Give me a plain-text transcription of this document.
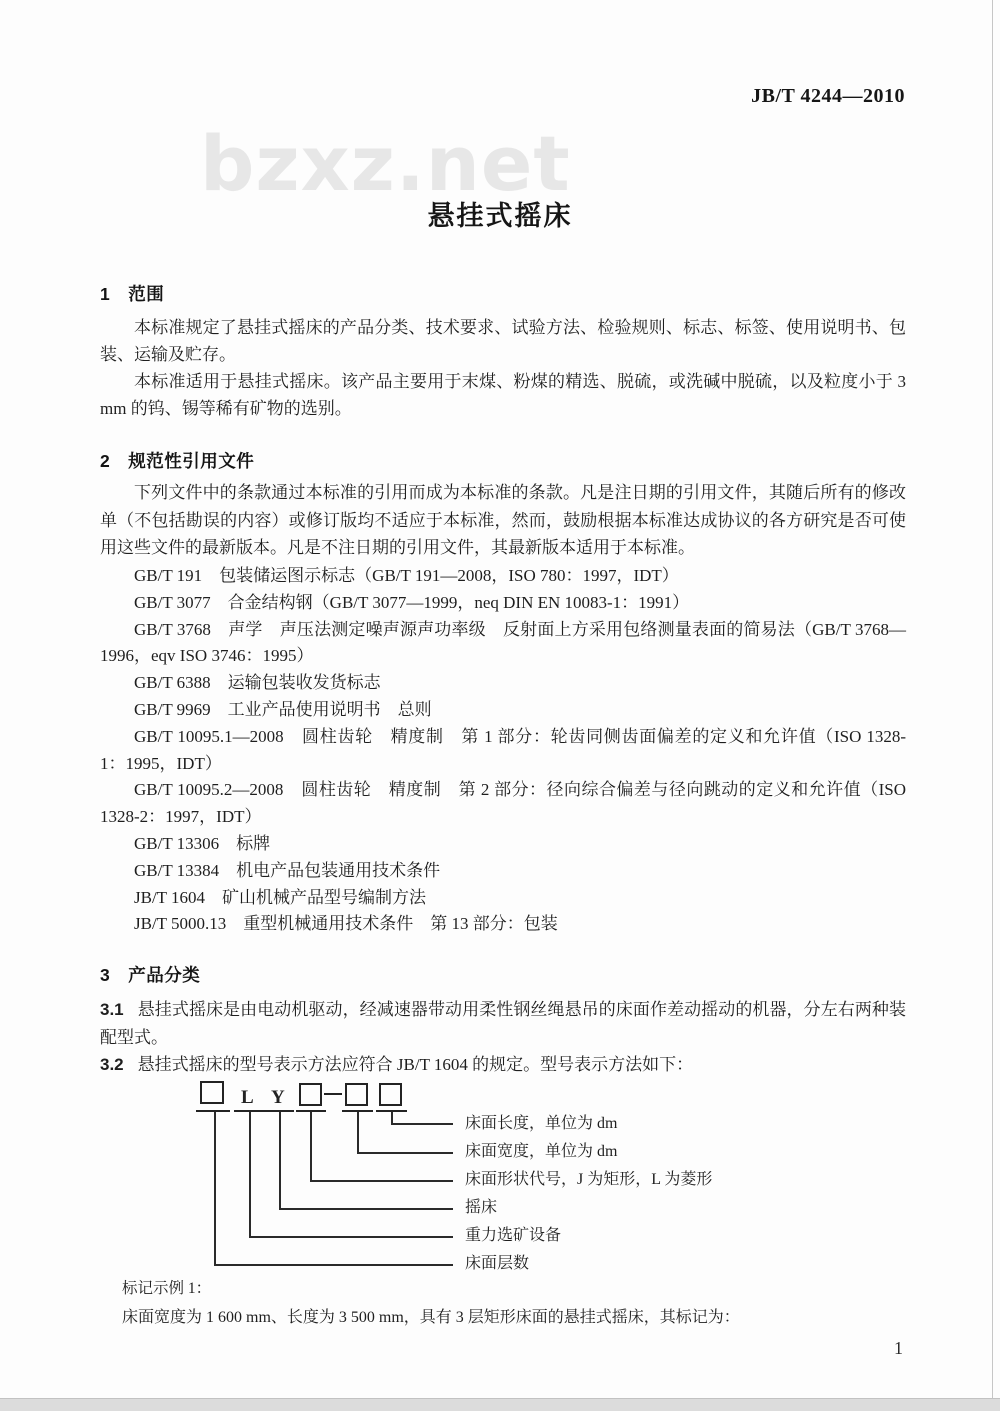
bzxz.net
JB/T 4244—2010
悬挂式摇床
1　范围

本标准规定了悬挂式摇床的产品分类、技术要求、试验方法、检验规则、标志、标签、使用说明书、包装、运输及贮存。

本标准适用于悬挂式摇床。该产品主要用于末煤、粉煤的精选、脱硫，或洗碱中脱硫，以及粒度小于 3 mm 的钨、锡等稀有矿物的选别。

2　规范性引用文件

下列文件中的条款通过本标准的引用而成为本标准的条款。凡是注日期的引用文件，其随后所有的修改单（不包括勘误的内容）或修订版均不适应于本标准，然而，鼓励根据本标准达成协议的各方研究是否可使用这些文件的最新版本。凡是不注日期的引用文件，其最新版本适用于本标准。

GB/T 191　包装储运图示标志（GB/T 191—2008，ISO 780：1997，IDT）
GB/T 3077　合金结构钢（GB/T 3077—1999，neq DIN EN 10083-1：1991）
GB/T 3768　声学　声压法测定噪声源声功率级　反射面上方采用包络测量表面的简易法（GB/T 3768—1996，eqv ISO 3746：1995）
GB/T 6388　运输包装收发货标志
GB/T 9969　工业产品使用说明书　总则
GB/T 10095.1—2008　圆柱齿轮　精度制　第 1 部分：轮齿同侧齿面偏差的定义和允许值（ISO 1328-1：1995，IDT）
GB/T 10095.2—2008　圆柱齿轮　精度制　第 2 部分：径向综合偏差与径向跳动的定义和允许值（ISO 1328-2：1997，IDT）
GB/T 13306　标牌
GB/T 13384　机电产品包装通用技术条件
JB/T 1604　矿山机械产品型号编制方法
JB/T 5000.13　重型机械通用技术条件　第 13 部分：包装
3　产品分类

3.1 悬挂式摇床是由电动机驱动，经减速器带动用柔性钢丝绳悬吊的床面作差动摇动的机器，分左右两种装配型式。

3.2 悬挂式摇床的型号表示方法应符合 JB/T 1604 的规定。型号表示方法如下：

L Y
床面长度，单位为 dm
床面宽度，单位为 dm
床面形状代号，J 为矩形，L 为菱形
摇床
重力选矿设备
床面层数
标记示例 1：
床面宽度为 1 600 mm、长度为 3 500 mm，具有 3 层矩形床面的悬挂式摇床，其标记为：
1
